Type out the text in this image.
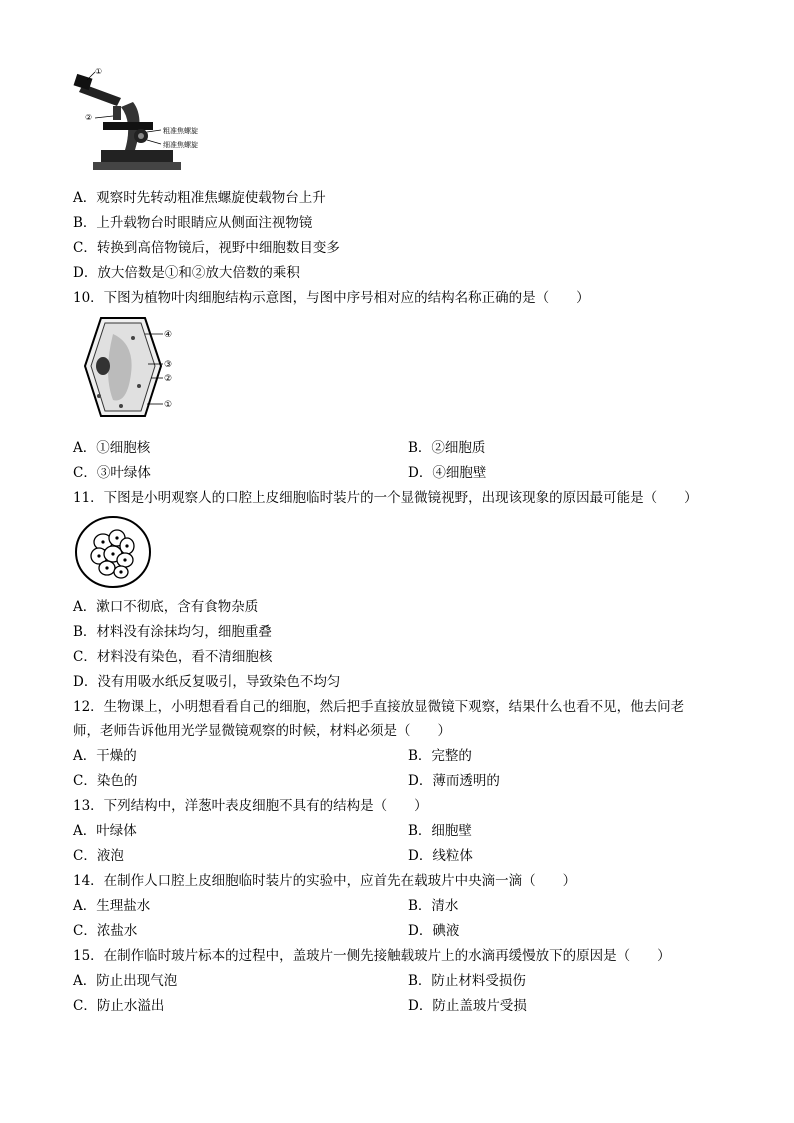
①
②
粗准焦螺旋
细准焦螺旋
A．观察时先转动粗准焦螺旋使载物台上升
B．上升载物台时眼睛应从侧面注视物镜
C．转换到高倍物镜后，视野中细胞数目变多
D．放大倍数是①和②放大倍数的乘积
10．下图为植物叶肉细胞结构示意图，与图中序号相对应的结构名称正确的是（　　）
④
③
②
①
A．①细胞核	B．②细胞质
C．③叶绿体	D．④细胞壁
11．下图是小明观察人的口腔上皮细胞临时装片的一个显微镜视野，出现该现象的原因最可能是（　　）
A．漱口不彻底，含有食物杂质
B．材料没有涂抹均匀，细胞重叠
C．材料没有染色，看不清细胞核
D．没有用吸水纸反复吸引，导致染色不均匀
12．生物课上，小明想看看自己的细胞，然后把手直接放显微镜下观察，结果什么也看不见，他去问老
师，老师告诉他用光学显微镜观察的时候，材料必须是（　　）
A．干燥的	B．完整的
C．染色的	D．薄而透明的
13．下列结构中，洋葱叶表皮细胞不具有的结构是（　　）
A．叶绿体	B．细胞壁
C．液泡	D．线粒体
14．在制作人口腔上皮细胞临时装片的实验中，应首先在载玻片中央滴一滴（　　）
A．生理盐水	B．清水
C．浓盐水	D．碘液
15．在制作临时玻片标本的过程中，盖玻片一侧先接触载玻片上的水滴再缓慢放下的原因是（　　）
A．防止出现气泡	B．防止材料受损伤
C．防止水溢出	D．防止盖玻片受损
